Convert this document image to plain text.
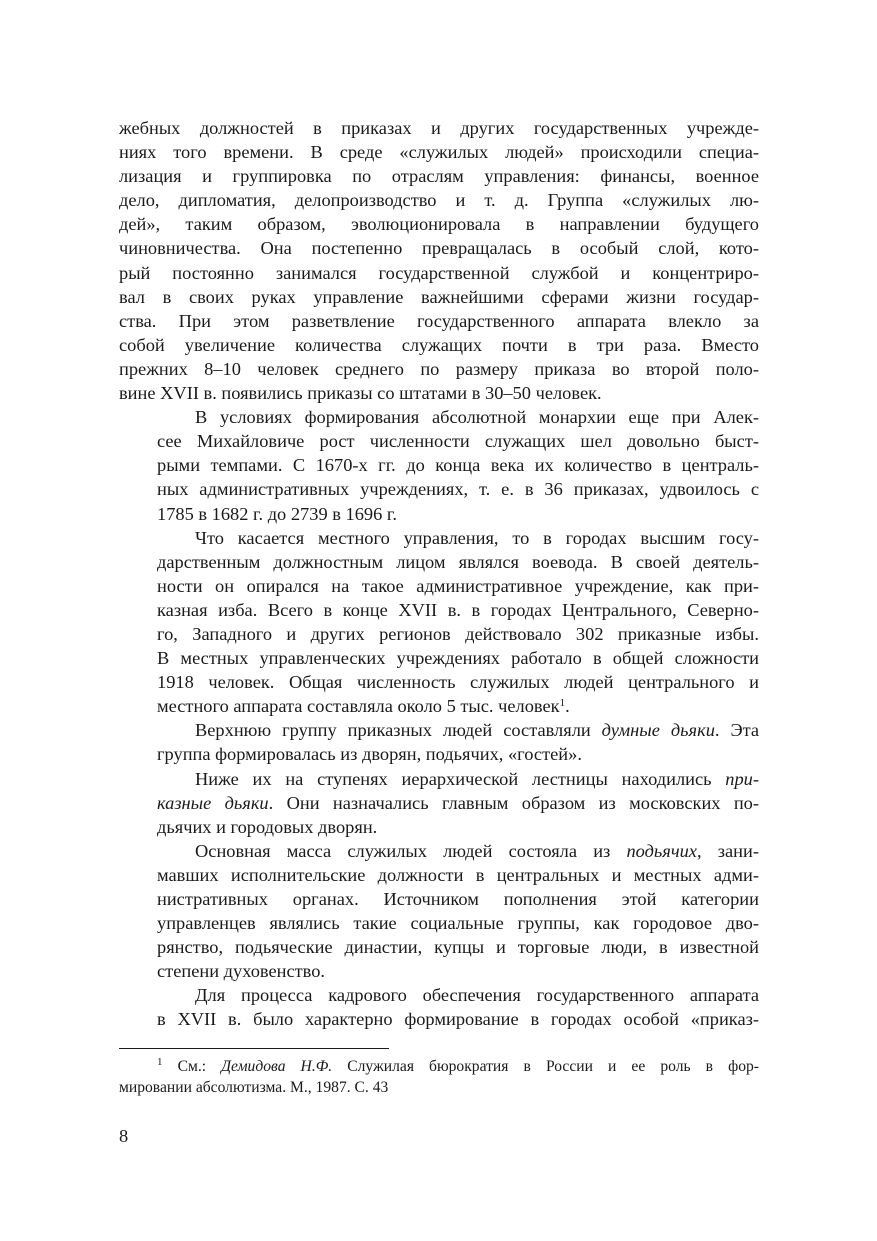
жебных должностей в приказах и других государственных учрежде-
ниях того времени. В среде «служилых людей» происходили специа-
лизация и группировка по отраслям управления: финансы, военное
дело, дипломатия, делопроизводство и т. д. Группа «служилых лю-
дей», таким образом, эволюционировала в направлении будущего
чиновничества. Она постепенно превращалась в особый слой, кото-
рый постоянно занимался государственной службой и концентриро-
вал в своих руках управление важнейшими сферами жизни государ-
ства. При этом разветвление государственного аппарата влекло за
собой увеличение количества служащих почти в три раза. Вместо
прежних 8–10 человек среднего по размеру приказа во второй поло-
вине XVII в. появились приказы со штатами в 30–50 человек.
В условиях формирования абсолютной монархии еще при Алек-
сее Михайловиче рост численности служащих шел довольно быст-
рыми темпами. С 1670-х гг. до конца века их количество в централь-
ных административных учреждениях, т. е. в 36 приказах, удвоилось с
1785 в 1682 г. до 2739 в 1696 г.
Что касается местного управления, то в городах высшим госу-
дарственным должностным лицом являлся воевода. В своей деятель-
ности он опирался на такое административное учреждение, как при-
казная изба. Всего в конце XVII в. в городах Центрального, Северно-
го, Западного и других регионов действовало 302 приказные избы.
В местных управленческих учреждениях работало в общей сложности
1918 человек. Общая численность служилых людей центрального и
местного аппарата составляла около 5 тыс. человек$^1$.
Верхнюю группу приказных людей составляли думные дьяки. Эта
группа формировалась из дворян, подьячих, «гостей».
Ниже их на ступенях иерархической лестницы находились при-
казные дьяки. Они назначались главным образом из московских по-
дьячих и городовых дворян.
Основная масса служилых людей состояла из подьячих, зани-
мавших исполнительские должности в центральных и местных адми-
нистративных органах. Источником пополнения этой категории
управленцев являлись такие социальные группы, как городовое дво-
рянство, подьяческие династии, купцы и торговые люди, в известной
степени духовенство.
Для процесса кадрового обеспечения государственного аппарата
в XVII в. было характерно формирование в городах особой «приказ-
$^1$ См.: Демидова Н.Ф. Служилая бюрократия в России и ее роль в фор-
мировании абсолютизма. М., 1987. С. 43
8
